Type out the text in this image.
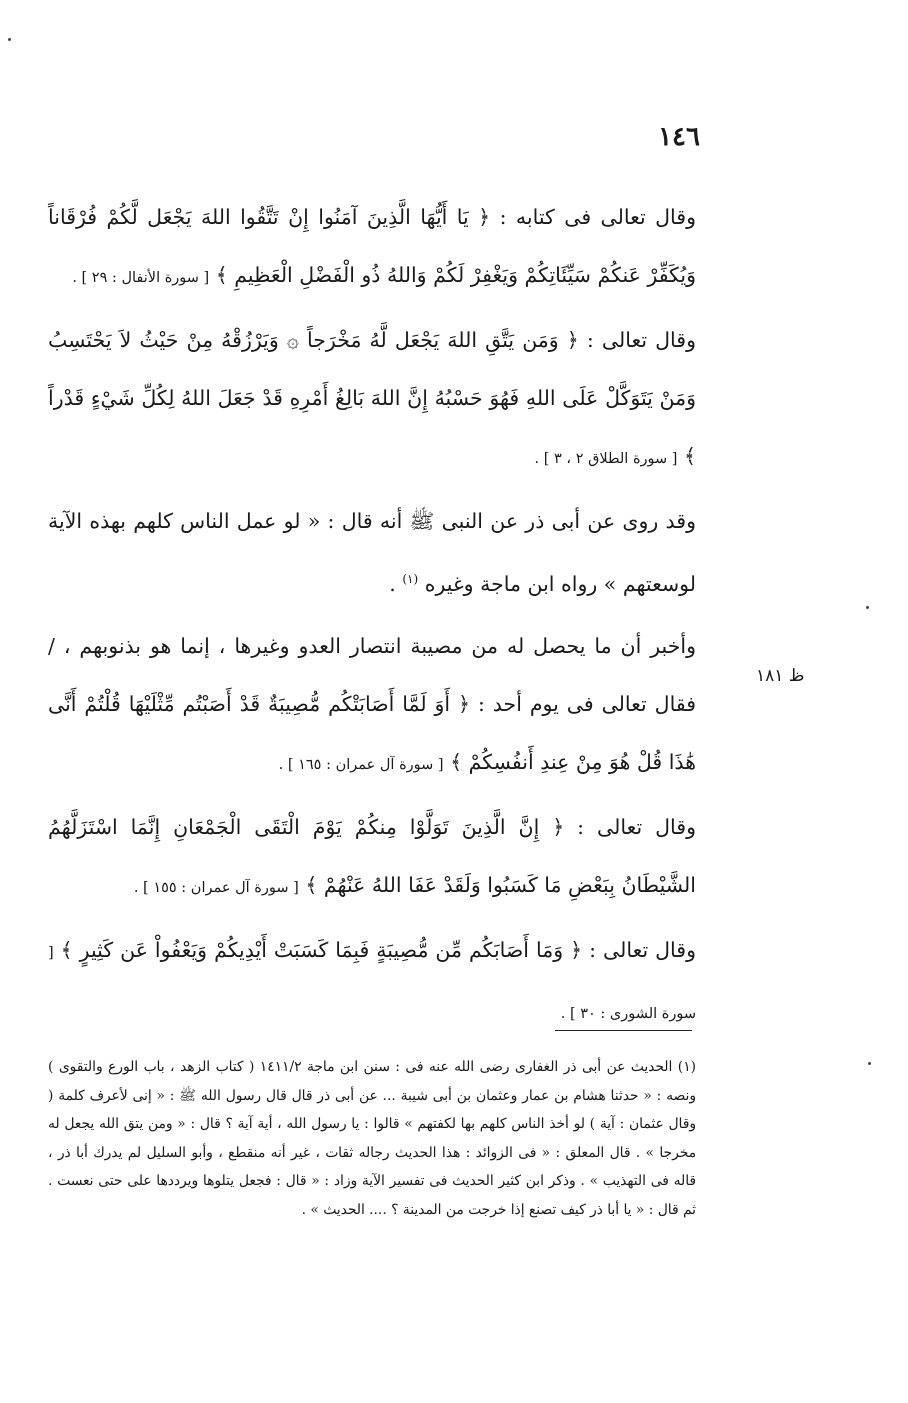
١٤٦

وقال تعالى فى كتابه : ﴿ يَا أَيُّهَا الَّذِينَ آمَنُوا إِنْ تَتَّقُوا اللهَ يَجْعَل لَّكُمْ فُرْقَاناً وَيُكَفِّرْ عَنكُمْ سَيِّئَاتِكُمْ وَيَغْفِرْ لَكُمْ وَاللهُ ذُو الْفَضْلِ الْعَظِيمِ ﴾ [ سورة الأنفال : ٢٩ ] .

وقال تعالى : ﴿ وَمَن يَتَّقِ اللهَ يَجْعَل لَّهُ مَخْرَجاً ۞ وَيَرْزُقْهُ مِنْ حَيْثُ لاَ يَحْتَسِبُ وَمَنْ يَتَوَكَّلْ عَلَى اللهِ فَهُوَ حَسْبُهُ إِنَّ اللهَ بَالِغُ أَمْرِهِ قَدْ جَعَلَ اللهُ لِكُلِّ شَيْءٍ قَدْراً ﴾ [ سورة الطلاق ٢ ، ٣ ] .

وقد روى عن أبى ذر عن النبى ﷺ أنه قال : « لو عمل الناس كلهم بهذه الآية لوسعتهم » رواه ابن ماجة وغيره $^{(١)}$ .

وأخبر أن ما يحصل له من مصيبة انتصار العدو وغيرها ، إنما هو بذنوبهم ، / فقال تعالى فى يوم أحد : ﴿ أَوَ لَمَّا أَصَابَتْكُم مُّصِيبَةٌ قَدْ أَصَبْتُم مِّثْلَيْهَا قُلْتُمْ أَنَّى هَٰذَا قُلْ هُوَ مِنْ عِندِ أَنفُسِكُمْ ﴾ [ سورة آل عمران : ١٦٥ ] .

وقال تعالى : ﴿ إِنَّ الَّذِينَ تَوَلَّوْا مِنكُمْ يَوْمَ الْتَقَى الْجَمْعَانِ إِنَّمَا اسْتَزَلَّهُمُ الشَّيْطَانُ بِبَعْضِ مَا كَسَبُوا وَلَقَدْ عَفَا اللهُ عَنْهُمْ ﴾ [ سورة آل عمران : ١٥٥ ] .

وقال تعالى : ﴿ وَمَا أَصَابَكُم مِّن مُّصِيبَةٍ فَبِمَا كَسَبَتْ أَيْدِيكُمْ وَيَعْفُواْ عَن كَثِيرٍ ﴾ [ سورة الشورى : ٣٠ ] .

ظ ١٨١

(١) الحديث عن أبى ذر الغفارى رضى الله عنه فى : سنن ابن ماجة ١٤١١/٢ ( كتاب الزهد ، باب الورع والتقوى ) ونصه : « حدثنا هشام بن عمار وعثمان بن أبى شيبة ... عن أبى ذر قال قال رسول الله ﷺ : « إنى لأعرف كلمة ( وقال عثمان : آية ) لو أخذ الناس كلهم بها لكفتهم » قالوا : يا رسول الله ، أية آية ؟ قال : « ومن يتق الله يجعل له مخرجا » . قال المعلق : « فى الزوائد : هذا الحديث رجاله ثقات ، غير أنه منقطع ، وأبو السليل لم يدرك أبا ذر ، قاله فى التهذيب » . وذكر ابن كثير الحديث فى تفسير الآية وزاد : « قال : فجعل يتلوها ويرددها على حتى نعست . ثم قال : « يا أبا ذر كيف تصنع إذا خرجت من المدينة ؟ .... الحديث » .
